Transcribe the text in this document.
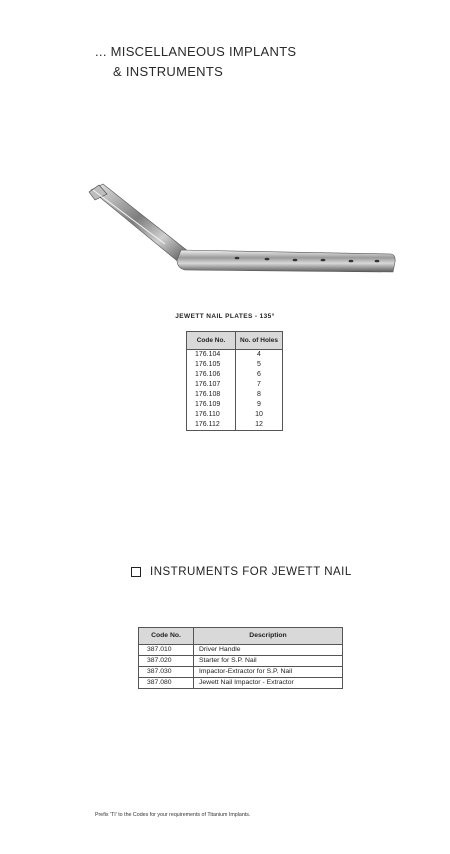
... MISCELLANEOUS IMPLANTS
& INSTRUMENTS
JEWETT NAIL PLATES - 135°
Code No.	No. of Holes
176.104	4
176.105	5
176.106	6
176.107	7
176.108	8
176.109	9
176.110	10
176.112	12
INSTRUMENTS FOR JEWETT NAIL
Code No.	Description
387.010	Driver Handle
387.020	Starter for S.P. Nail
387.030	Impactor-Extractor for S.P. Nail
387.080	Jewett Nail Impactor - Extractor
Prefix 'TI' to the Codes for your requirements of Titanium Implants.
